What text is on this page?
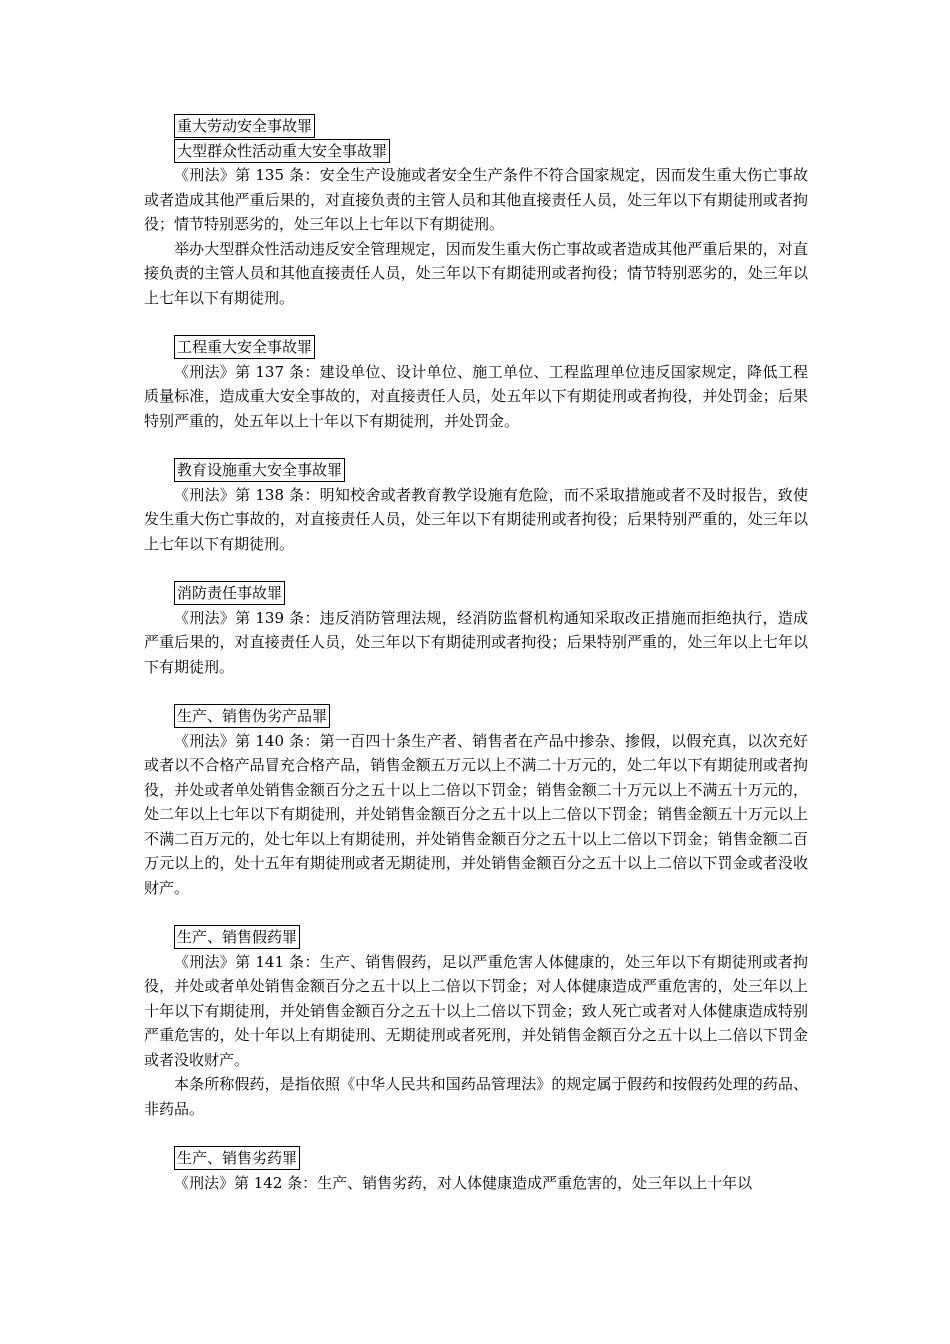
重大劳动安全事故罪
大型群众性活动重大安全事故罪

《刑法》第 135 条：安全生产设施或者安全生产条件不符合国家规定，因而发生重大伤亡事故或者造成其他严重后果的，对直接负责的主管人员和其他直接责任人员，处三年以下有期徒刑或者拘役；情节特别恶劣的，处三年以上七年以下有期徒刑。

举办大型群众性活动违反安全管理规定，因而发生重大伤亡事故或者造成其他严重后果的，对直接负责的主管人员和其他直接责任人员，处三年以下有期徒刑或者拘役；情节特别恶劣的，处三年以上七年以下有期徒刑。

工程重大安全事故罪

《刑法》第 137 条：建设单位、设计单位、施工单位、工程监理单位违反国家规定，降低工程质量标准，造成重大安全事故的，对直接责任人员，处五年以下有期徒刑或者拘役，并处罚金；后果特别严重的，处五年以上十年以下有期徒刑，并处罚金。

教育设施重大安全事故罪

《刑法》第 138 条：明知校舍或者教育教学设施有危险，而不采取措施或者不及时报告，致使发生重大伤亡事故的，对直接责任人员，处三年以下有期徒刑或者拘役；后果特别严重的，处三年以上七年以下有期徒刑。

消防责任事故罪

《刑法》第 139 条：违反消防管理法规，经消防监督机构通知采取改正措施而拒绝执行，造成严重后果的，对直接责任人员，处三年以下有期徒刑或者拘役；后果特别严重的，处三年以上七年以下有期徒刑。

生产、销售伪劣产品罪

《刑法》第 140 条：第一百四十条生产者、销售者在产品中掺杂、掺假，以假充真，以次充好或者以不合格产品冒充合格产品，销售金额五万元以上不满二十万元的，处二年以下有期徒刑或者拘役，并处或者单处销售金额百分之五十以上二倍以下罚金；销售金额二十万元以上不满五十万元的，处二年以上七年以下有期徒刑，并处销售金额百分之五十以上二倍以下罚金；销售金额五十万元以上不满二百万元的，处七年以上有期徒刑，并处销售金额百分之五十以上二倍以下罚金；销售金额二百万元以上的，处十五年有期徒刑或者无期徒刑，并处销售金额百分之五十以上二倍以下罚金或者没收财产。

生产、销售假药罪

《刑法》第 141 条：生产、销售假药，足以严重危害人体健康的，处三年以下有期徒刑或者拘役，并处或者单处销售金额百分之五十以上二倍以下罚金；对人体健康造成严重危害的，处三年以上十年以下有期徒刑，并处销售金额百分之五十以上二倍以下罚金；致人死亡或者对人体健康造成特别严重危害的，处十年以上有期徒刑、无期徒刑或者死刑，并处销售金额百分之五十以上二倍以下罚金或者没收财产。

本条所称假药，是指依照《中华人民共和国药品管理法》的规定属于假药和按假药处理的药品、非药品。

生产、销售劣药罪

《刑法》第 142 条：生产、销售劣药，对人体健康造成严重危害的，处三年以上十年以
